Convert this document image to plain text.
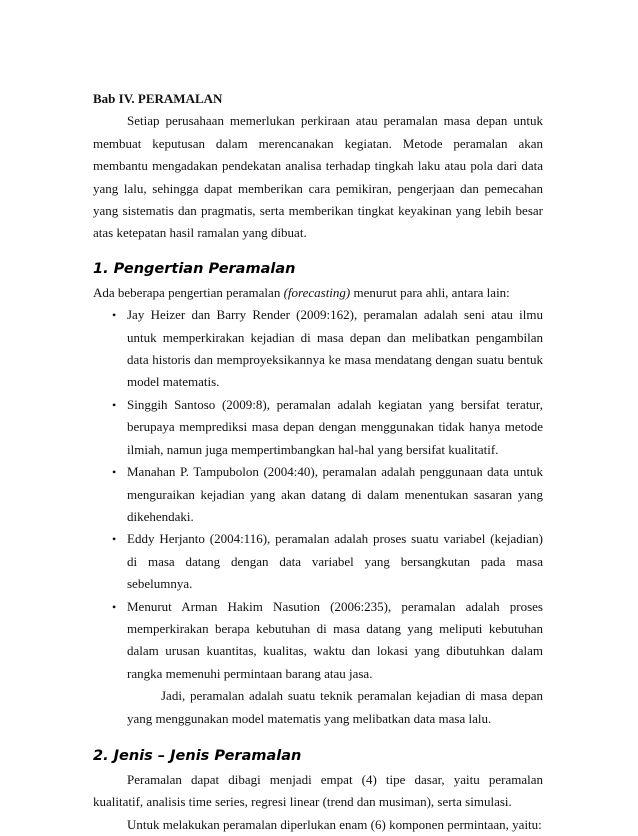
Bab IV. PERAMALAN

Setiap perusahaan memerlukan perkiraan atau peramalan masa depan untuk membuat keputusan dalam merencanakan kegiatan. Metode peramalan akan membantu mengadakan pendekatan analisa terhadap tingkah laku atau pola dari data yang lalu, sehingga dapat memberikan cara pemikiran, pengerjaan dan pemecahan yang sistematis dan pragmatis, serta memberikan tingkat keyakinan yang lebih besar atas ketepatan hasil ramalan yang dibuat.

1. Pengertian Peramalan

Ada beberapa pengertian peramalan (forecasting) menurut para ahli, antara lain:

• Jay Heizer dan Barry Render (2009:162), peramalan adalah seni atau ilmu untuk memperkirakan kejadian di masa depan dan melibatkan pengambilan data historis dan memproyeksikannya ke masa mendatang dengan suatu bentuk model matematis.
• Singgih Santoso (2009:8), peramalan adalah kegiatan yang bersifat teratur, berupaya memprediksi masa depan dengan menggunakan tidak hanya metode ilmiah, namun juga mempertimbangkan hal-hal yang bersifat kualitatif.
• Manahan P. Tampubolon (2004:40), peramalan adalah penggunaan data untuk menguraikan kejadian yang akan datang di dalam menentukan sasaran yang dikehendaki.
• Eddy Herjanto (2004:116), peramalan adalah proses suatu variabel (kejadian) di masa datang dengan data variabel yang bersangkutan pada masa sebelumnya.
• Menurut Arman Hakim Nasution (2006:235), peramalan adalah proses memperkirakan berapa kebutuhan di masa datang yang meliputi kebutuhan dalam urusan kuantitas, kualitas, waktu dan lokasi yang dibutuhkan dalam rangka memenuhi permintaan barang atau jasa.

Jadi, peramalan adalah suatu teknik peramalan kejadian di masa depan yang menggunakan model matematis yang melibatkan data masa lalu.

2. Jenis – Jenis Peramalan

Peramalan dapat dibagi menjadi empat (4) tipe dasar, yaitu peramalan kualitatif, analisis time series, regresi linear (trend dan musiman), serta simulasi.

Untuk melakukan peramalan diperlukan enam (6) komponen permintaan, yaitu:
